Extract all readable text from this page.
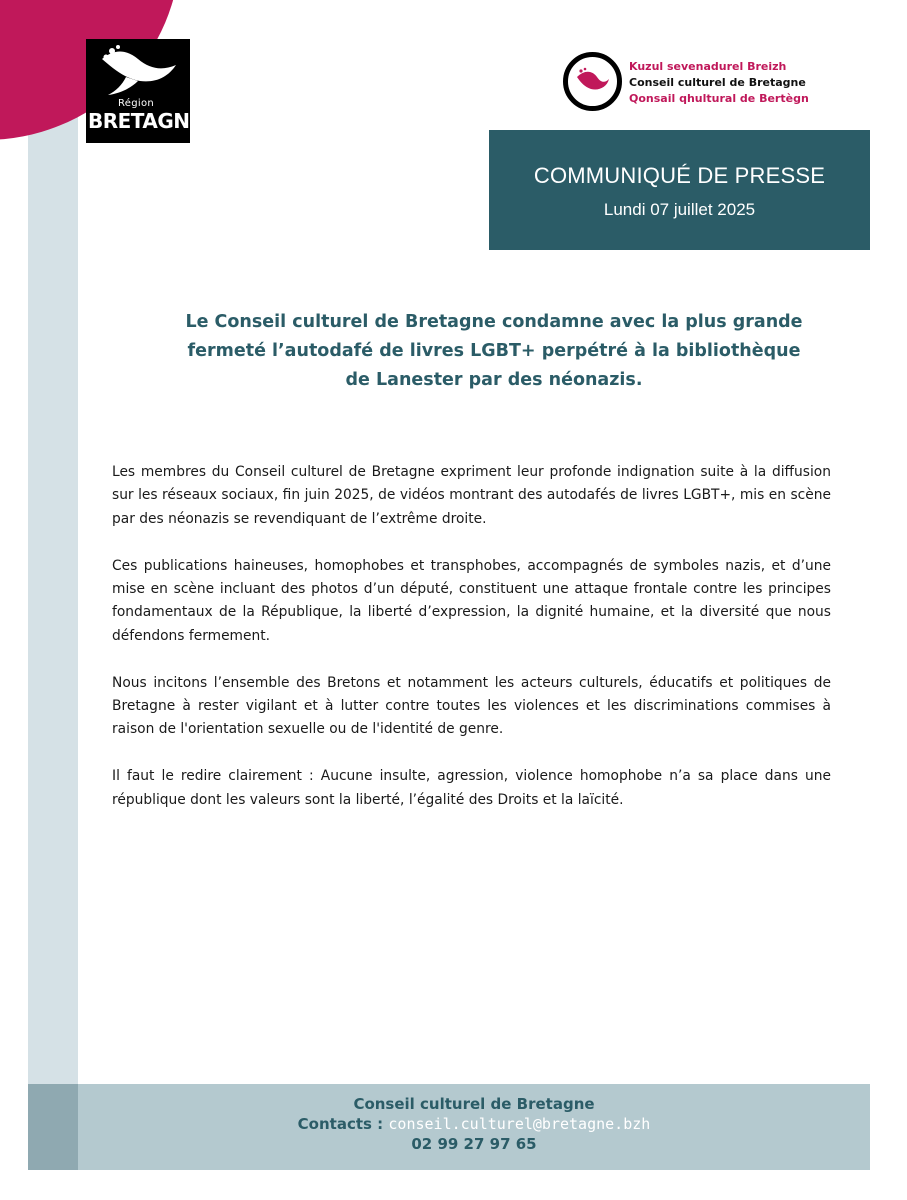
Région
BRETAGNE
Kuzul sevenadurel Breizh
Conseil culturel de Bretagne
Qonsail qhultural de Bertègn
COMMUNIQUÉ DE PRESSE
Lundi 07 juillet 2025
Le Conseil culturel de Bretagne condamne avec la plus grande
fermeté l’autodafé de livres LGBT+ perpétré à la bibliothèque
de Lanester par des néonazis.

Les membres du Conseil culturel de Bretagne expriment leur profonde indignation suite à la diffusion sur les réseaux sociaux, fin juin 2025, de vidéos montrant des autodafés de livres LGBT+, mis en scène par des néonazis se revendiquant de l’extrême droite.

Ces publications haineuses, homophobes et transphobes, accompagnés de symboles nazis, et d’une mise en scène incluant des photos d’un député, constituent une attaque frontale contre les principes fondamentaux de la République, la liberté d’expression, la dignité humaine, et la diversité que nous défendons fermement.

Nous incitons l’ensemble des Bretons et notamment les acteurs culturels, éducatifs et politiques de Bretagne à rester vigilant et à lutter contre toutes les violences et les discriminations commises à raison de l'orientation sexuelle ou de l'identité de genre.

Il faut le redire clairement : Aucune insulte, agression, violence homophobe n’a sa place dans une république dont les valeurs sont la liberté, l’égalité des Droits et la laïcité.

Conseil culturel de Bretagne
Contacts : conseil.culturel@bretagne.bzh
02 99 27 97 65
